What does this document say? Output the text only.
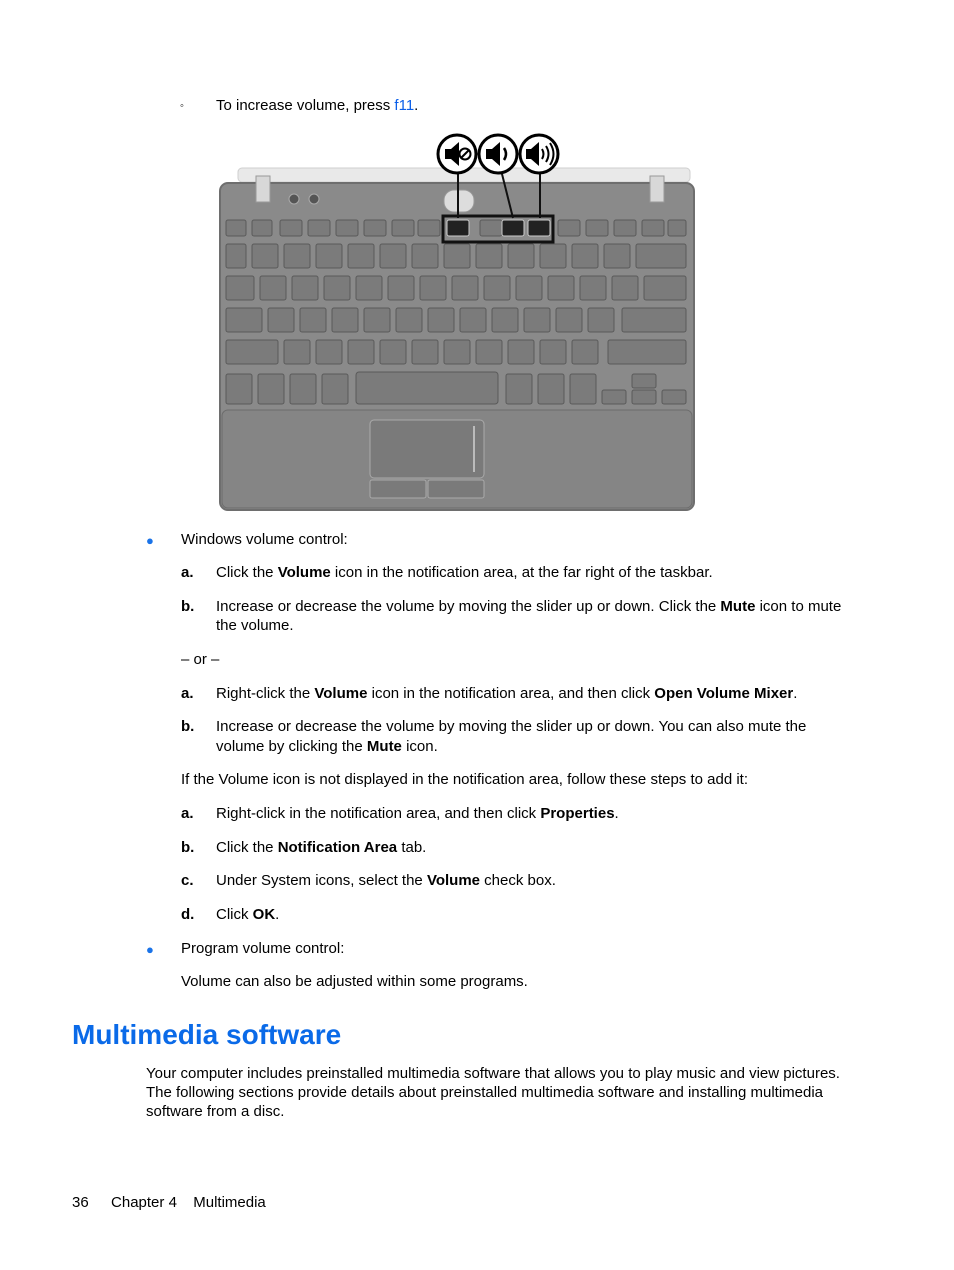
◦ To increase volume, press f11.
● Windows volume control:
a. Click the Volume icon in the notification area, at the far right of the taskbar.
b. Increase or decrease the volume by moving the slider up or down. Click the Mute icon to mute
the volume.
– or –
a. Right-click the Volume icon in the notification area, and then click Open Volume Mixer.
b. Increase or decrease the volume by moving the slider up or down. You can also mute the
volume by clicking the Mute icon.
If the Volume icon is not displayed in the notification area, follow these steps to add it:
a. Right-click in the notification area, and then click Properties.
b. Click the Notification Area tab.
c. Under System icons, select the Volume check box.
d. Click OK.
● Program volume control:
Volume can also be adjusted within some programs.
Multimedia software
Your computer includes preinstalled multimedia software that allows you to play music and view pictures.
The following sections provide details about preinstalled multimedia software and installing multimedia
software from a disc.
36 Chapter 4 Multimedia
